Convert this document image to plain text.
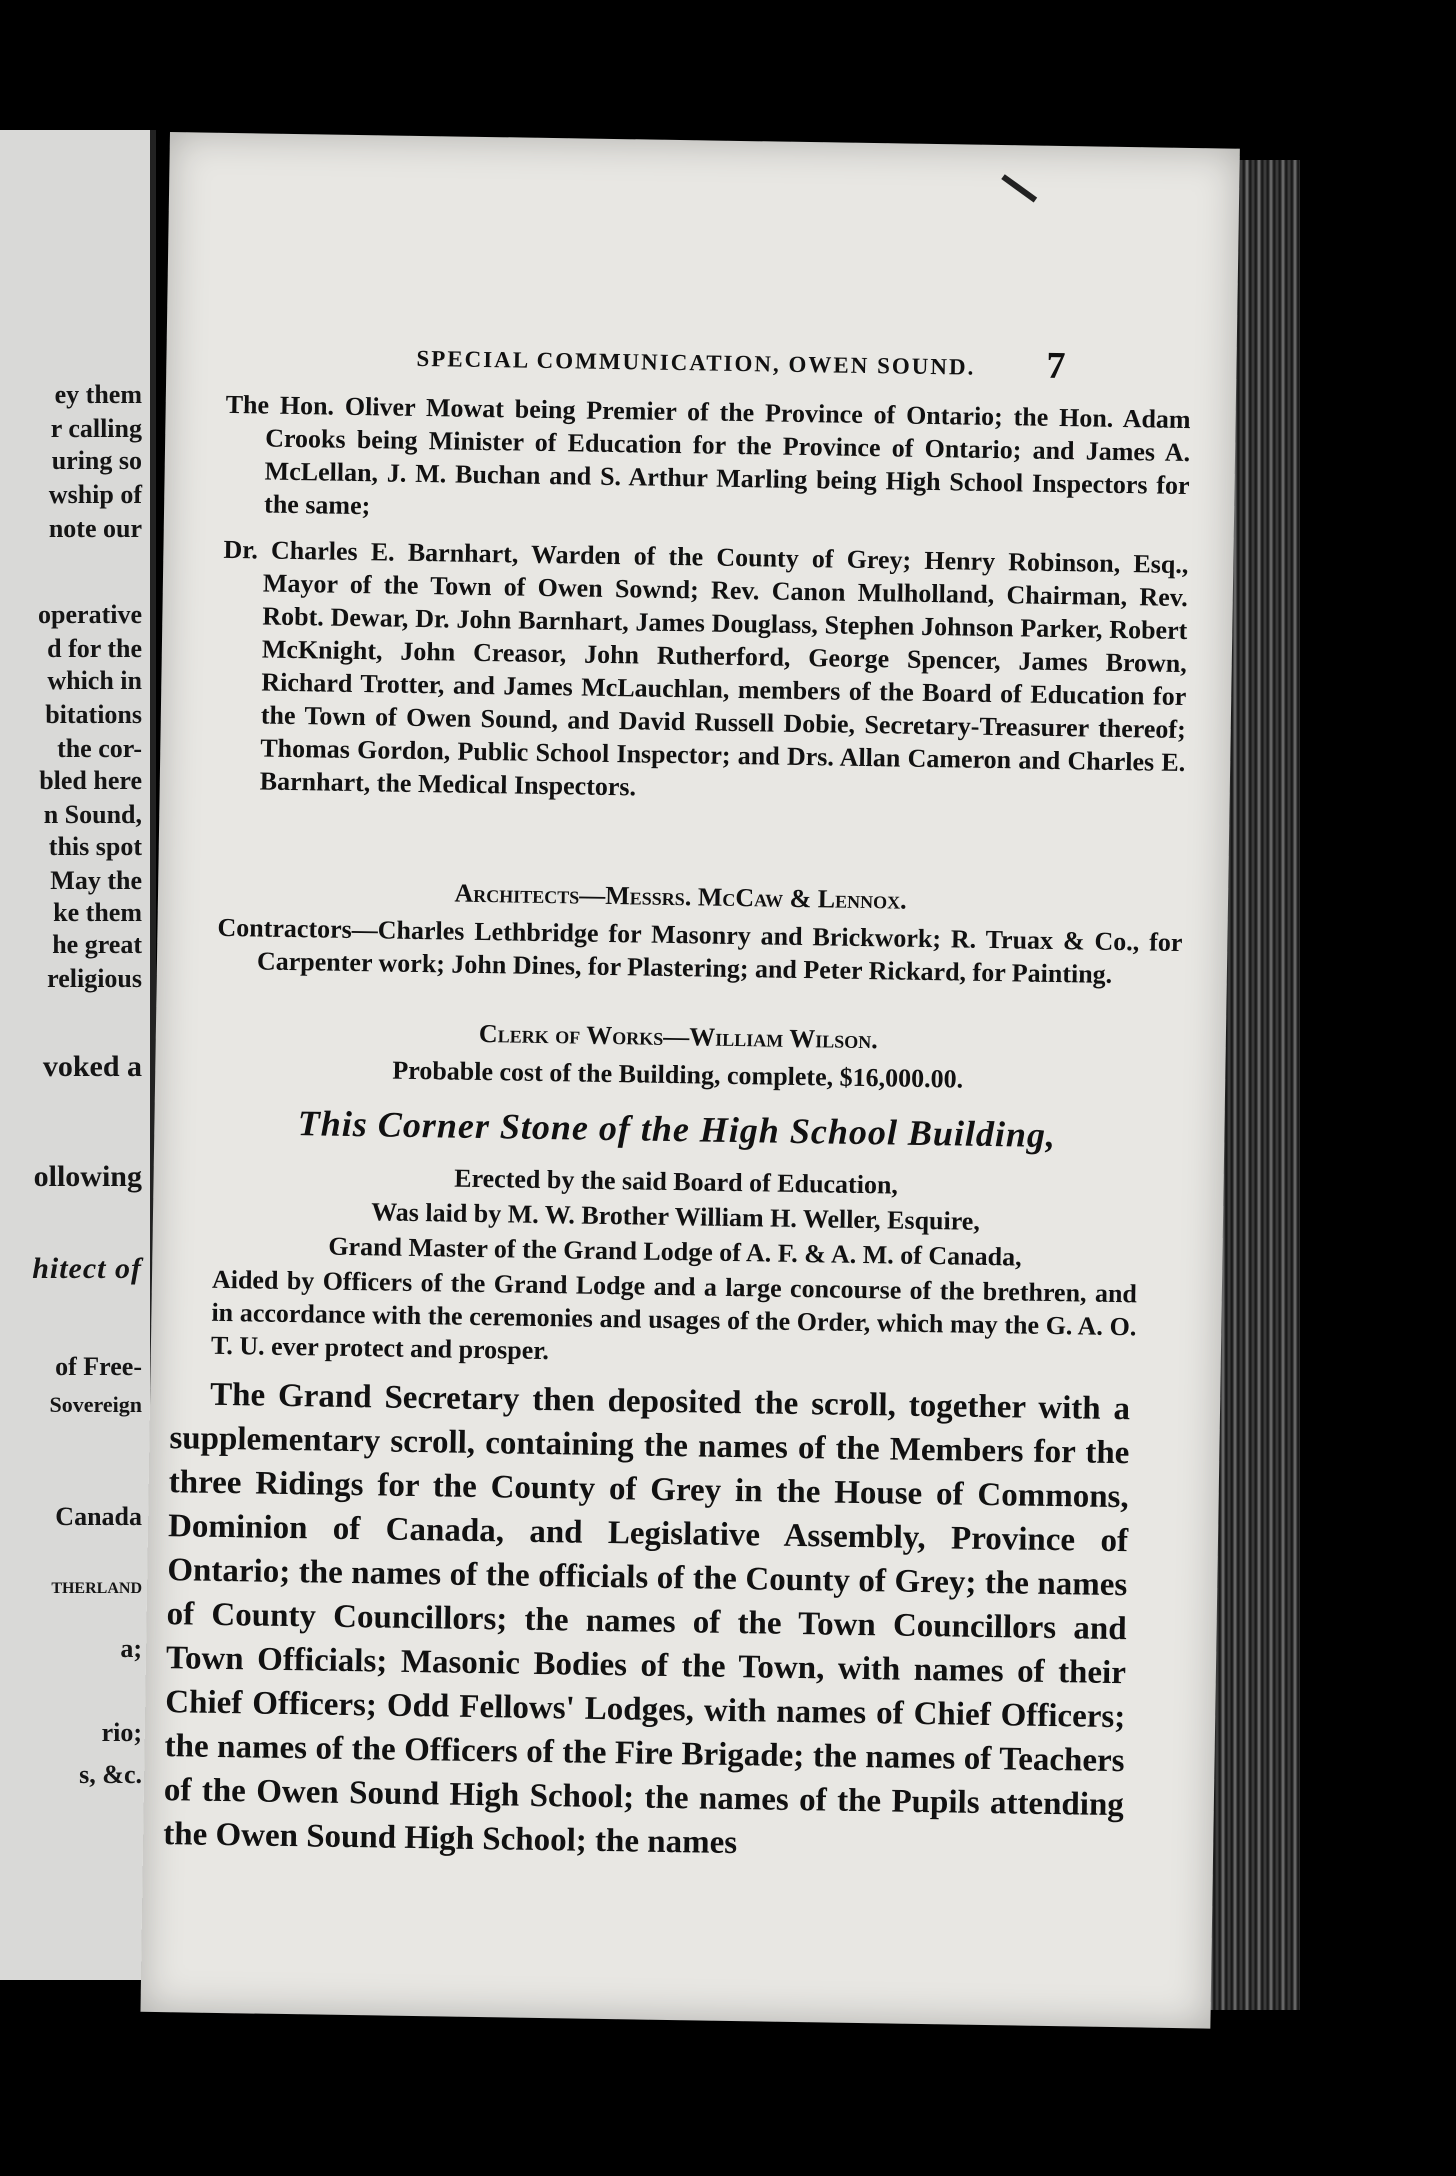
ey them
r calling
uring so
wship of
note our
operative
d for the
which in
bitations
the cor-
bled here
n Sound,
this spot
May the
ke them
he great
religious
voked a
ollowing
hitect of
of Free-
Sovereign
Canada
THERLAND
a;
rio;
s, &c.
SPECIAL COMMUNICATION, OWEN SOUND. 7
The Hon. Oliver Mowat being Premier of the Province of Ontario; the Hon. Adam Crooks being Minister of Education for the Province of Ontario; and James A. McLellan, J. M. Buchan and S. Arthur Marling being High School Inspectors for the same;
Dr. Charles E. Barnhart, Warden of the County of Grey; Henry Robinson, Esq., Mayor of the Town of Owen Sownd; Rev. Canon Mulholland, Chairman, Rev. Robt. Dewar, Dr. John Barnhart, James Douglass, Stephen Johnson Parker, Robert McKnight, John Creasor, John Rutherford, George Spencer, James Brown, Richard Trotter, and James McLauchlan, members of the Board of Education for the Town of Owen Sound, and David Russell Dobie, Secretary-Treasurer thereof; Thomas Gordon, Public School Inspector; and Drs. Allan Cameron and Charles E. Barnhart, the Medical Inspectors.
Architects—Messrs. McCaw & Lennox.
Contractors—Charles Lethbridge for Masonry and Brickwork; R. Truax & Co., for Carpenter work; John Dines, for Plastering; and Peter Rickard, for Painting.
Clerk of Works—William Wilson.
Probable cost of the Building, complete, $16,000.00.
This Corner Stone of the High School Building,
Erected by the said Board of Education,
Was laid by M. W. Brother William H. Weller, Esquire,
Grand Master of the Grand Lodge of A. F. & A. M. of Canada,
Aided by Officers of the Grand Lodge and a large concourse of the brethren, and in accordance with the ceremonies and usages of the Order, which may the G. A. O. T. U. ever protect and prosper.
The Grand Secretary then deposited the scroll, together with a supplementary scroll, containing the names of the Members for the three Ridings for the County of Grey in the House of Commons, Dominion of Canada, and Legislative Assembly, Province of Ontario; the names of the officials of the County of Grey; the names of County Councillors; the names of the Town Councillors and Town Officials; Masonic Bodies of the Town, with names of their Chief Officers; Odd Fellows' Lodges, with names of Chief Officers; the names of the Officers of the Fire Brigade; the names of Teachers of the Owen Sound High School; the names of the Pupils attending the Owen Sound High School; the names
